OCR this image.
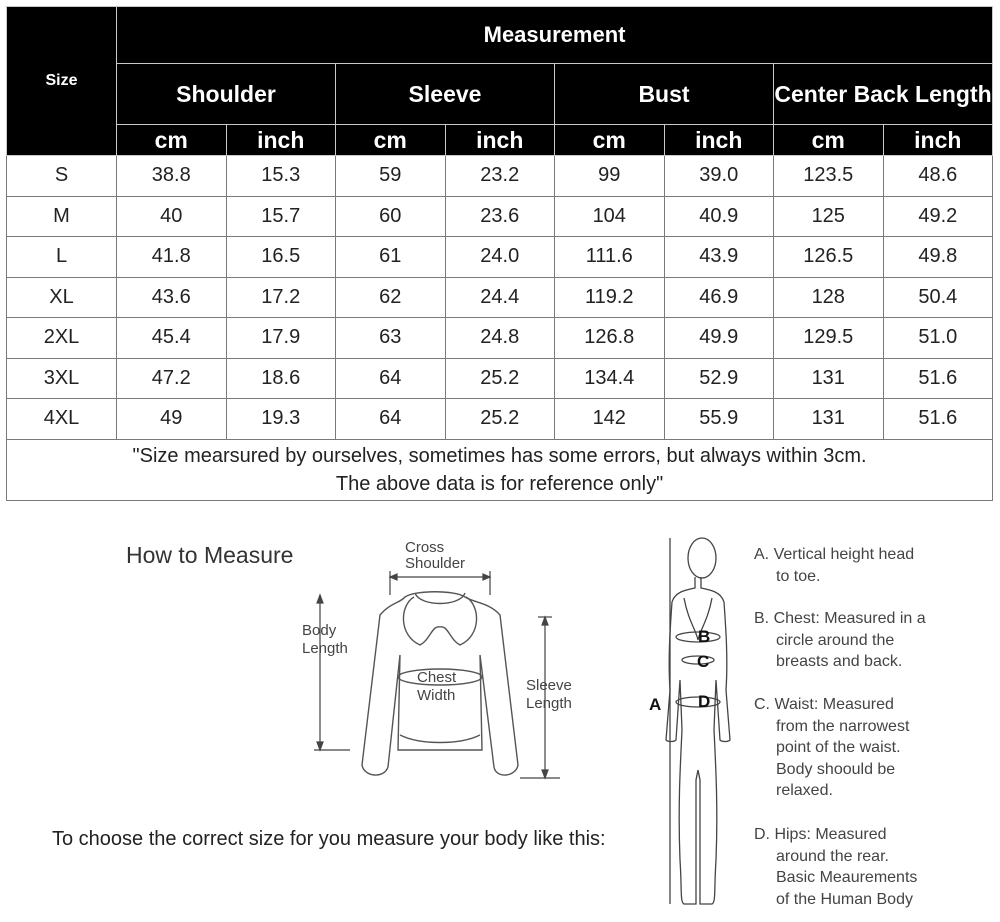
Size	Measurement							
	Shoulder		Sleeve		Bust		Center Back Length	
	cm	inch	cm	inch	cm	inch	cm	inch
S	38.8	15.3	59	23.2	99	39.0	123.5	48.6
M	40	15.7	60	23.6	104	40.9	125	49.2
L	41.8	16.5	61	24.0	111.6	43.9	126.5	49.8
XL	43.6	17.2	62	24.4	119.2	46.9	128	50.4
2XL	45.4	17.9	63	24.8	126.8	49.9	129.5	51.0
3XL	47.2	18.6	64	25.2	134.4	52.9	131	51.6
4XL	49	19.3	64	25.2	142	55.9	131	51.6

"Size mearsured by ourselves, sometimes has some errors, but always within 3cm.
The above data is for reference only"								
How to Measure	Cross
Shoulder
Body
Length
Chest
Width
Sleeve
Length
To choose the correct size for you measure your body like this:
B
C
D
A
A. Vertical height head
to toe.
B. Chest: Measured in a
circle around the
breasts and back.
C. Waist: Measured
from the narrowest
point of the waist.
Body shoould be
relaxed.
D. Hips: Measured
around the rear.
Basic Meaurements
of the Human Body
